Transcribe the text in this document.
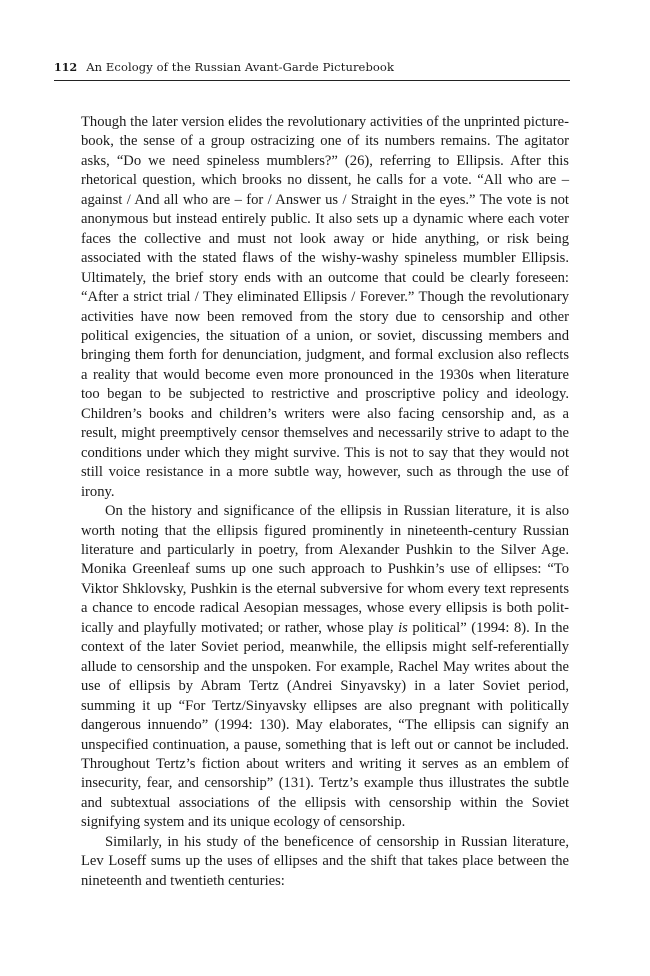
112 An Ecology of the Russian Avant-Garde Picturebook

Though the later version elides the revolutionary activities of the unprinted picturebook, the sense of a group ostracizing one of its numbers remains. The agitator asks, “Do we need spineless mumblers?” (26), referring to Ellipsis. After this rhetorical question, which brooks no dissent, he calls for a vote. “All who are – against / And all who are – for / Answer us / Straight in the eyes.” The vote is not anonymous but instead entirely public. It also sets up a dynamic where each voter faces the collective and must not look away or hide anything, or risk being associated with the stated flaws of the wishy-washy spineless mumbler Ellipsis. Ultimately, the brief story ends with an outcome that could be clearly foreseen: “After a strict trial / They eliminated Ellipsis / Forever.” Though the revolutionary activities have now been removed from the story due to censorship and other political exigencies, the situation of a union, or soviet, discussing members and bringing them forth for denunciation, judgment, and formal exclusion also reflects a reality that would become even more pronounced in the 1930s when literature too began to be subjected to restrictive and proscriptive policy and ideology. Children’s books and children’s writers were also facing censorship and, as a result, might preemptively censor themselves and necessarily strive to adapt to the conditions under which they might survive. This is not to say that they would not still voice resistance in a more subtle way, however, such as through the use of irony.

On the history and significance of the ellipsis in Russian literature, it is also worth noting that the ellipsis figured prominently in nineteenth-century Russian literature and particularly in poetry, from Alexander Pushkin to the Silver Age. Monika Greenleaf sums up one such approach to Pushkin’s use of ellipses: “To Viktor Shklovsky, Pushkin is the eternal subversive for whom every text represents a chance to encode radical Aesopian messages, whose every ellipsis is both politically and playfully motivated; or rather, whose play is political” (1994: 8). In the context of the later Soviet period, meanwhile, the ellipsis might self-referentially allude to censorship and the unspoken. For example, Rachel May writes about the use of ellipsis by Abram Tertz (Andrei Sinyavsky) in a later Soviet period, summing it up “For Tertz/Sinyavsky ellipses are also pregnant with politically dangerous innuendo” (1994: 130). May elaborates, “The ellipsis can signify an unspecified continuation, a pause, something that is left out or cannot be included. Throughout Tertz’s fiction about writers and writing it serves as an emblem of insecurity, fear, and censorship” (131). Tertz’s example thus illustrates the subtle and subtextual associations of the ellipsis with censorship within the Soviet signifying system and its unique ecology of censorship.

Similarly, in his study of the beneficence of censorship in Russian literature, Lev Loseff sums up the uses of ellipses and the shift that takes place between the nineteenth and twentieth centuries:
